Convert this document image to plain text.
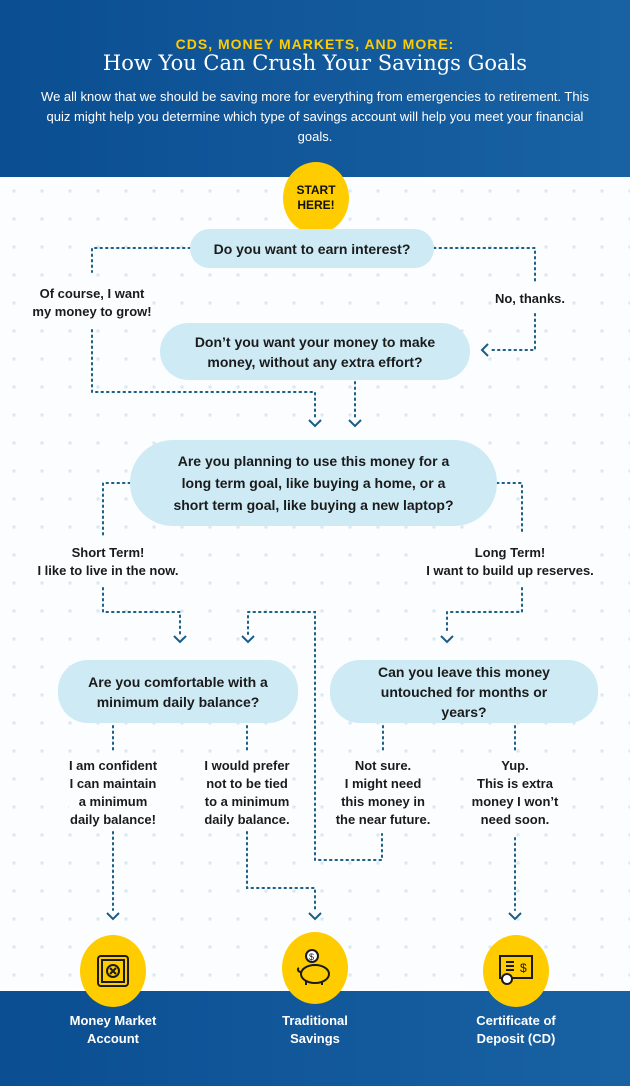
CDS, MONEY MARKETS, AND MORE:
How You Can Crush Your Savings Goals
We all know that we should be saving more for everything from emergencies to retirement. This quiz might help you determine which type of savings account will help you meet your financial goals.
START
HERE!
Do you want to earn interest?
Don’t you want your money to make money, without any extra effort?
Are you planning to use this money for a long term goal, like buying a home, or a short term goal, like buying a new laptop?
Are you comfortable with a minimum daily balance?
Can you leave this money untouched for months or years?
Of course, I want
my money to grow!
No, thanks.
Short Term!
I like to live in the now.
Long Term!
I want to build up reserves.
I am confident
I can maintain
a minimum
daily balance!
I would prefer
not to be tied
to a minimum
daily balance.
Not sure.
I might need
this money in
the near future.
Yup.
This is extra
money I won’t
need soon.
$
$
Money Market
Account
Traditional
Savings
Certificate of
Deposit (CD)
